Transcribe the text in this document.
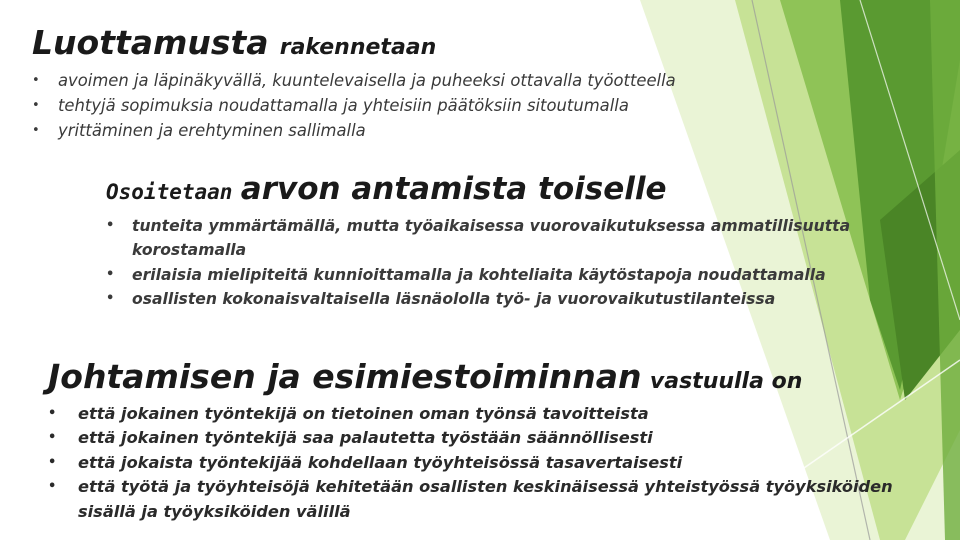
Luottamusta rakennetaan
• avoimen ja läpinäkyvällä, kuuntelevaisella ja puheeksi ottavalla työotteella
• tehtyjä sopimuksia noudattamalla ja yhteisiin päätöksiin sitoutumalla
• yrittäminen ja erehtyminen sallimalla
Osoitetaan arvon antamista toiselle
• tunteita ymmärtämällä, mutta työaikaisessa vuorovaikutuksessa ammatillisuutta korostamalla
• erilaisia mielipiteitä kunnioittamalla ja kohteliaita käytöstapoja noudattamalla
• osallisten kokonaisvaltaisella läsnäololla työ- ja vuorovaikutustilanteissa
Johtamisen ja esimiestoiminnan vastuulla on
• että jokainen työntekijä on tietoinen oman työnsä tavoitteista
• että jokainen työntekijä saa palautetta työstään säännöllisesti
• että jokaista työntekijää kohdellaan työyhteisössä tasavertaisesti
• että työtä ja työyhteisöjä kehitetään osallisten keskinäisessä yhteistyössä työyksiköiden sisällä ja työyksiköiden välillä
